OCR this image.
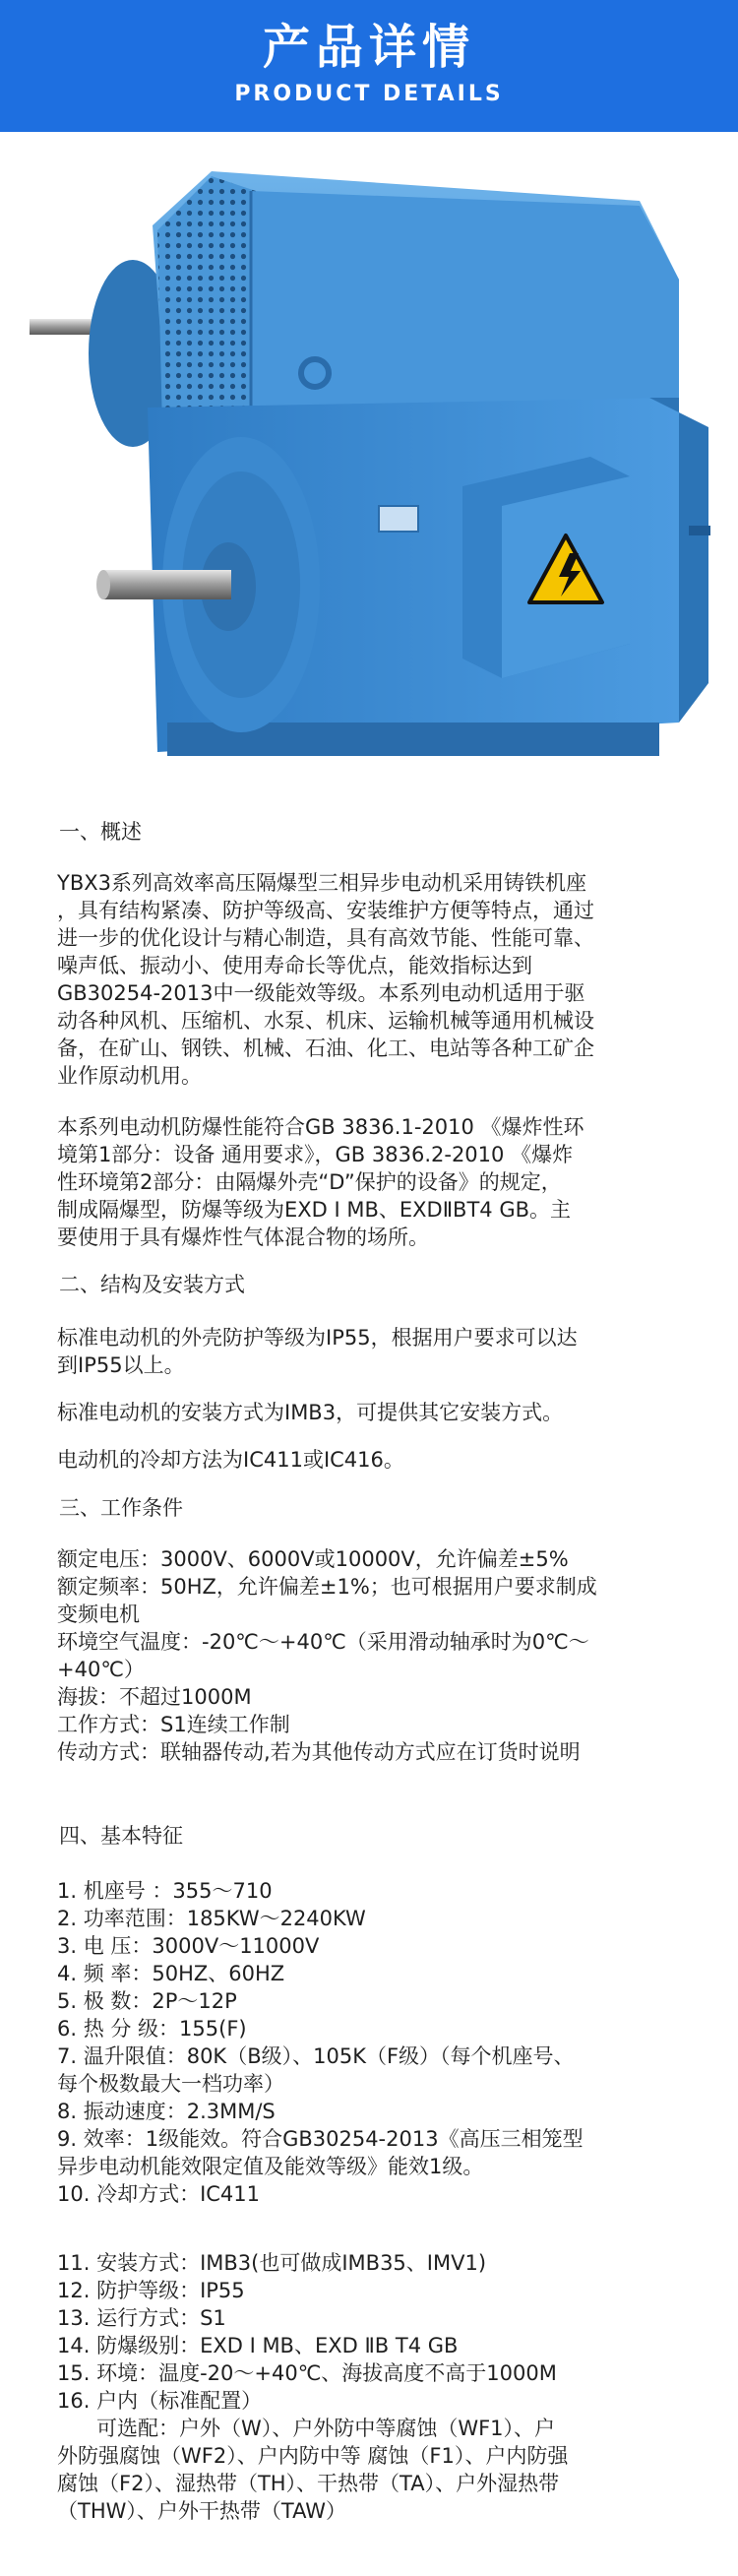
产品详情
PRODUCT DETAILS
一、概述
YBX3系列高效率高压隔爆型三相异步电动机采用铸铁机座
，具有结构紧凑、防护等级高、安装维护方便等特点，通过
进一步的优化设计与精心制造，具有高效节能、性能可靠、
噪声低、振动小、使用寿命长等优点，能效指标达到
GB30254-2013中一级能效等级。本系列电动机适用于驱
动各种风机、压缩机、水泵、机床、运输机械等通用机械设
备，在矿山、钢铁、机械、石油、化工、电站等各种工矿企
业作原动机用。
本系列电动机防爆性能符合GB 3836.1-2010 《爆炸性环
境第1部分：设备 通用要求》，GB 3836.2-2010 《爆炸
性环境第2部分：由隔爆外壳“D”保护的设备》的规定，
制成隔爆型，防爆等级为EXD I MB、EXDⅡBT4 GB。主
要使用于具有爆炸性气体混合物的场所。
二、结构及安装方式
标准电动机的外壳防护等级为IP55，根据用户要求可以达
到IP55以上。
标准电动机的安装方式为IMB3，可提供其它安装方式。
电动机的冷却方法为IC411或IC416。
三、工作条件
额定电压：3000V、6000V或10000V，允许偏差±5%
额定频率：50HZ，允许偏差±1%；也可根据用户要求制成
变频电机
环境空气温度：-20℃～+40℃（采用滑动轴承时为0℃～
+40℃）
海拔：不超过1000M
工作方式：S1连续工作制
传动方式：联轴器传动,若为其他传动方式应在订货时说明
四、基本特征
1. 机座号 ：355～710
2. 功率范围：185KW～2240KW
3. 电 压：3000V～11000V
4. 频 率：50HZ、60HZ
5. 极 数：2P～12P
6. 热 分 级：155(F)
7. 温升限值：80K（B级）、105K（F级）（每个机座号、
每个极数最大一档功率）
8. 振动速度：2.3MM/S
9. 效率：1级能效。符合GB30254-2013《高压三相笼型
异步电动机能效限定值及能效等级》能效1级。
10. 冷却方式：IC411
11. 安装方式：IMB3(也可做成IMB35、IMV1)
12. 防护等级：IP55
13. 运行方式：S1
14. 防爆级别：EXD I MB、EXD ⅡB T4 GB
15. 环境：温度-20～+40℃、海拔高度不高于1000M
16. 户内（标准配置）
可选配：户外（W）、户外防中等腐蚀（WF1）、户
外防强腐蚀（WF2）、户内防中等 腐蚀（F1）、户内防强
腐蚀（F2）、湿热带（TH）、干热带（TA）、户外湿热带
（THW）、户外干热带（TAW）
